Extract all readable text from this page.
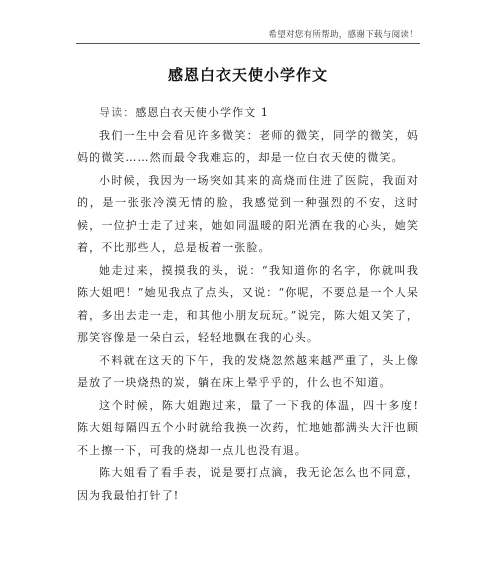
希望对您有所帮助，感谢下载与阅读！
感恩白衣天使小学作文

导读：感恩白衣天使小学作文 1

我们一生中会看见许多微笑：老师的微笑，同学的微笑，妈妈的微笑……然而最令我难忘的，却是一位白衣天使的微笑。

小时候，我因为一场突如其来的高烧而住进了医院，我面对的，是一张张冷漠无情的脸，我感觉到一种强烈的不安，这时候，一位护士走了过来，她如同温暖的阳光洒在我的心头，她笑着，不比那些人，总是板着一张脸。

她走过来，摸摸我的头，说：“我知道你的名字，你就叫我陈大姐吧！”她见我点了点头，又说：“你呢，不要总是一个人呆着，多出去走一走，和其他小朋友玩玩。”说完，陈大姐又笑了，那笑容像是一朵白云，轻轻地飘在我的心头。

不料就在这天的下午，我的发烧忽然越来越严重了，头上像是放了一块烧热的炭，躺在床上晕乎乎的，什么也不知道。

这个时候，陈大姐跑过来，量了一下我的体温，四十多度!陈大姐每隔四五个小时就给我换一次药，忙地她都满头大汗也顾不上擦一下，可我的烧却一点儿也没有退。

陈大姐看了看手表，说是要打点滴，我无论怎么也不同意，因为我最怕打针了!
